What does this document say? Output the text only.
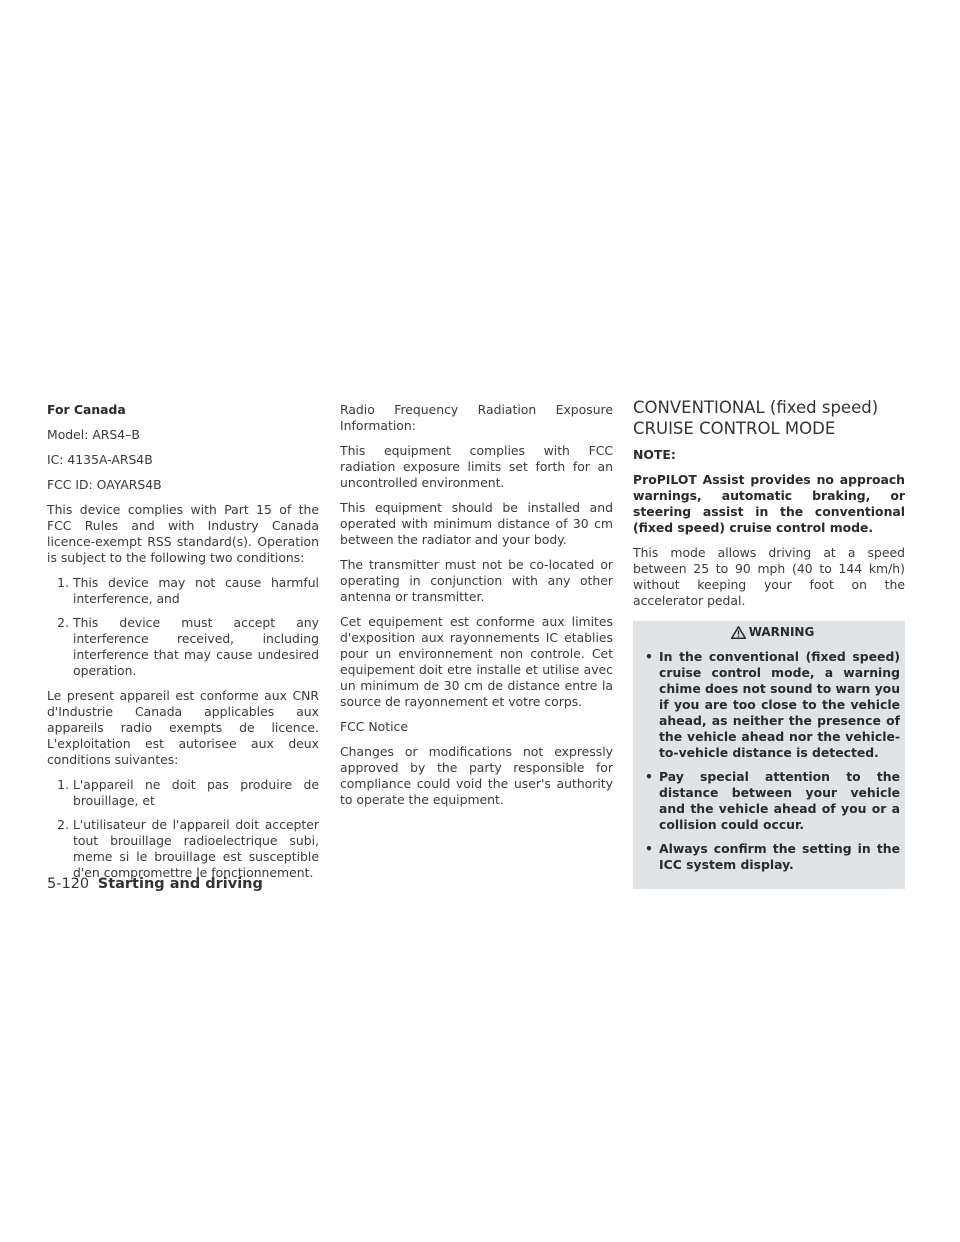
For Canada

Model: ARS4–B

IC: 4135A-ARS4B

FCC ID: OAYARS4B

This device complies with Part 15 of the FCC Rules and with Industry Canada licence-exempt RSS standard(s). Operation is subject to the following two conditions:

1. This device may not cause harmful interference, and
2. This device must accept any interference received, including interference that may cause undesired operation.

Le present appareil est conforme aux CNR d'Industrie Canada applicables aux appareils radio exempts de licence. L'exploitation est autorisee aux deux conditions suivantes:

1. L'appareil ne doit pas produire de brouillage, et
2. L'utilisateur de l'appareil doit accepter tout brouillage radioelectrique subi, meme si le brouillage est susceptible d'en compromettre le fonctionnement.

Radio Frequency Radiation Exposure Information:

This equipment complies with FCC radiation exposure limits set forth for an uncontrolled environment.

This equipment should be installed and operated with minimum distance of 30 cm between the radiator and your body.

The transmitter must not be co-located or operating in conjunction with any other antenna or transmitter.

Cet equipement est conforme aux limites d'exposition aux rayonnements IC etablies pour un environnement non controle. Cet equipement doit etre installe et utilise avec un minimum de 30 cm de distance entre la source de rayonnement et votre corps.

FCC Notice

Changes or modifications not expressly approved by the party responsible for compliance could void the user's authority to operate the equipment.

CONVENTIONAL (fixed speed)
CRUISE CONTROL MODE

NOTE:

ProPILOT Assist provides no approach warnings, automatic braking, or steering assist in the conventional (fixed speed) cruise control mode.

This mode allows driving at a speed between 25 to 90 mph (40 to 144 km/h) without keeping your foot on the accelerator pedal.

WARNING
• In the conventional (fixed speed) cruise control mode, a warning chime does not sound to warn you if you are too close to the vehicle ahead, as neither the presence of the vehicle ahead nor the vehicle-to-vehicle distance is detected.
• Pay special attention to the distance between your vehicle and the vehicle ahead of you or a collision could occur.
• Always confirm the setting in the ICC system display.
5-120 Starting and driving
